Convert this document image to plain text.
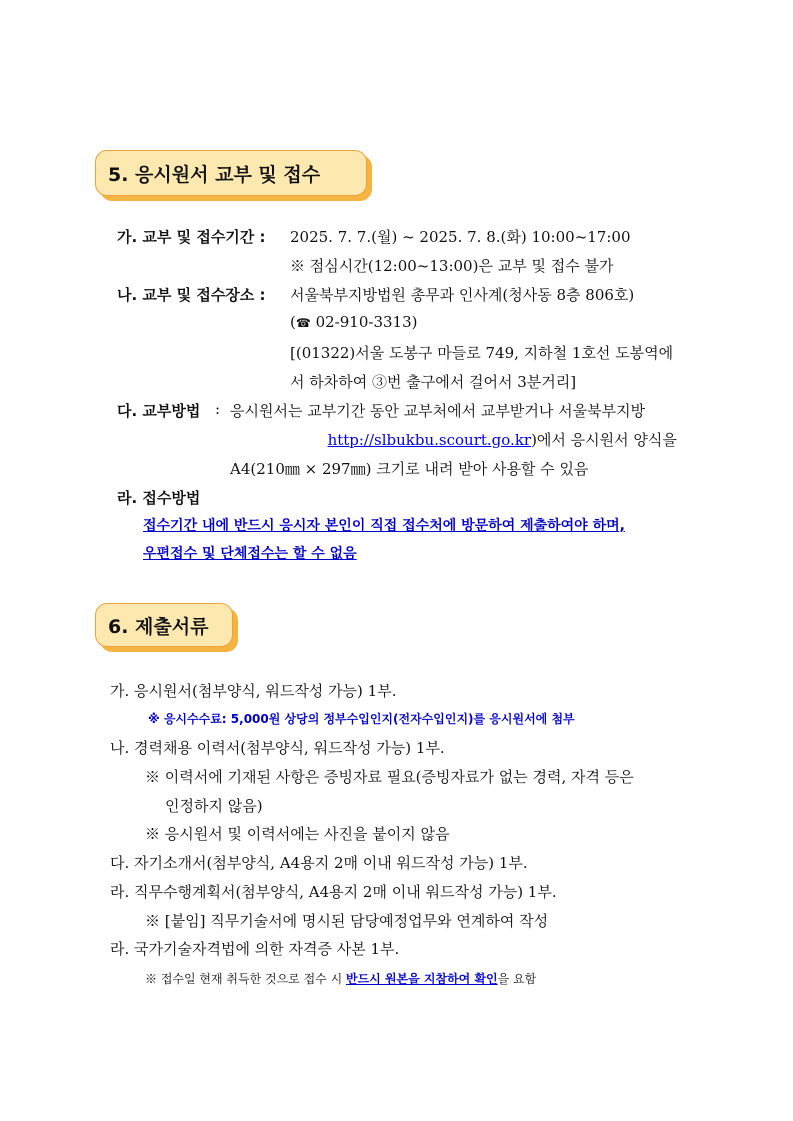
5. 응시원서 교부 및 접수
가. 교부 및 접수기간 : 2025. 7. 7.(월) ~ 2025. 7. 8.(화) 10:00~17:00
※ 점심시간(12:00~13:00)은 교부 및 접수 불가
나. 교부 및 접수장소 : 서울북부지방법원 총무과 인사계(청사동 8층 806호)
(☎ 02-910-3313)
[(01322)서울 도봉구 마들로 749, 지하철 1호선 도봉역에
서 하차하여 ③번 출구에서 걸어서 3분거리]
다. 교부방법 : 응시원서는 교부기간 동안 교부처에서 교부받거나 서울북부지방
http://slbukbu.scourt.go.kr)에서 응시원서 양식을
A4(210㎜ × 297㎜) 크기로 내려 받아 사용할 수 있음
라. 접수방법
접수기간 내에 반드시 응시자 본인이 직접 접수처에 방문하여 제출하여야 하며,
우편접수 및 단체접수는 할 수 없음
6. 제출서류
가. 응시원서(첨부양식, 워드작성 가능) 1부.
※ 응시수수료: 5,000원 상당의 정부수입인지(전자수입인지)를 응시원서에 첨부
나. 경력채용 이력서(첨부양식, 워드작성 가능) 1부.
※ 이력서에 기재된 사항은 증빙자료 필요(증빙자료가 없는 경력, 자격 등은
인정하지 않음)
※ 응시원서 및 이력서에는 사진을 붙이지 않음
다. 자기소개서(첨부양식, A4용지 2매 이내 워드작성 가능) 1부.
라. 직무수행계획서(첨부양식, A4용지 2매 이내 워드작성 가능) 1부.
※ [붙임] 직무기술서에 명시된 담당예정업무와 연계하여 작성
라. 국가기술자격법에 의한 자격증 사본 1부.
※ 접수일 현재 취득한 것으로 접수 시 반드시 원본을 지참하여 확인을 요함
